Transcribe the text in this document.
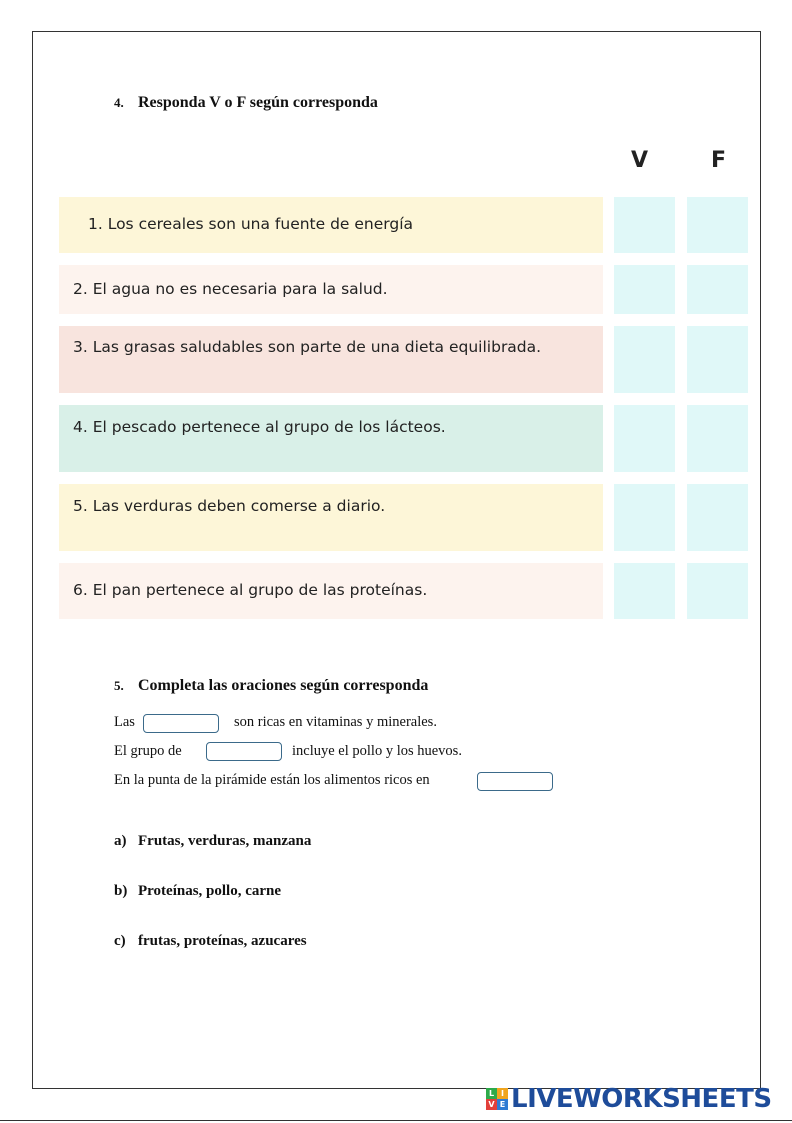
4. Responda V o F según corresponda
V	F
1. Los cereales son una fuente de energía
2. El agua no es necesaria para la salud.
3. Las grasas saludables son parte de una dieta equilibrada.
4. El pescado pertenece al grupo de los lácteos.
5. Las verduras deben comerse a diario.
6. El pan pertenece al grupo de las proteínas.
5. Completa las oraciones según corresponda
Las	son ricas en vitaminas y minerales.
El grupo de	incluye el pollo y los huevos.
En la punta de la pirámide están los alimentos ricos en
a) Frutas, verduras, manzana
b) Proteínas, pollo, carne
c) frutas, proteínas, azucares
L I
V E LIVEWORKSHEETS
